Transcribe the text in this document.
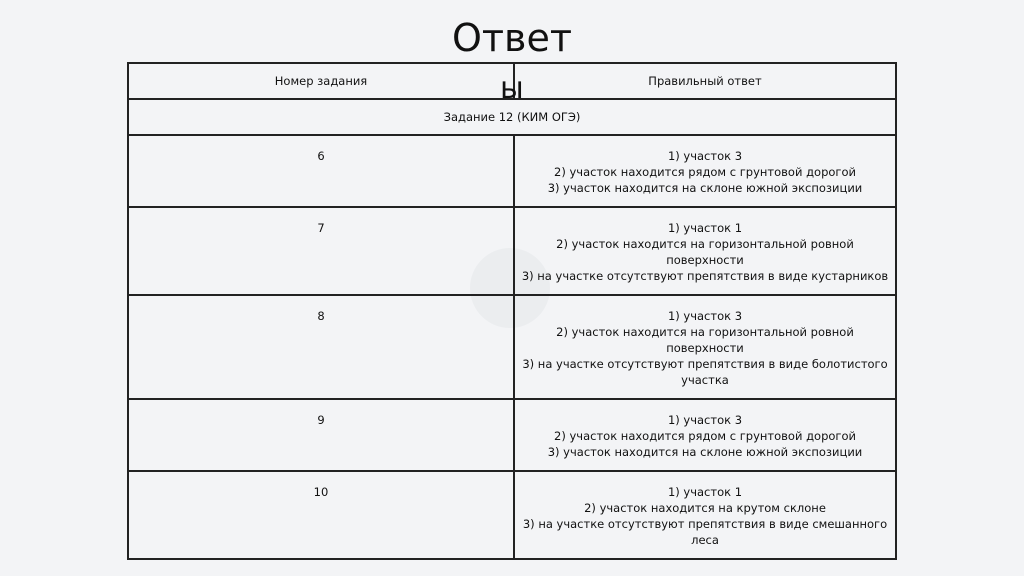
Ответ
ы
Номер задания	Правильный ответ
Задание 12 (КИМ ОГЭ)	
6	1) участок 3
2) участок находится рядом с грунтовой дорогой
3) участок находится на склоне южной экспозиции

7	1) участок 1
2) участок находится на горизонтальной ровной
поверхности
3) на участке отсутствуют препятствия в виде кустарников

8	1) участок 3
2) участок находится на горизонтальной ровной
поверхности
3) на участке отсутствуют препятствия в виде болотистого
участка

9	1) участок 3
2) участок находится рядом с грунтовой дорогой
3) участок находится на склоне южной экспозиции

10	1) участок 1
2) участок находится на крутом склоне
3) на участке отсутствуют препятствия в виде смешанного
леса
